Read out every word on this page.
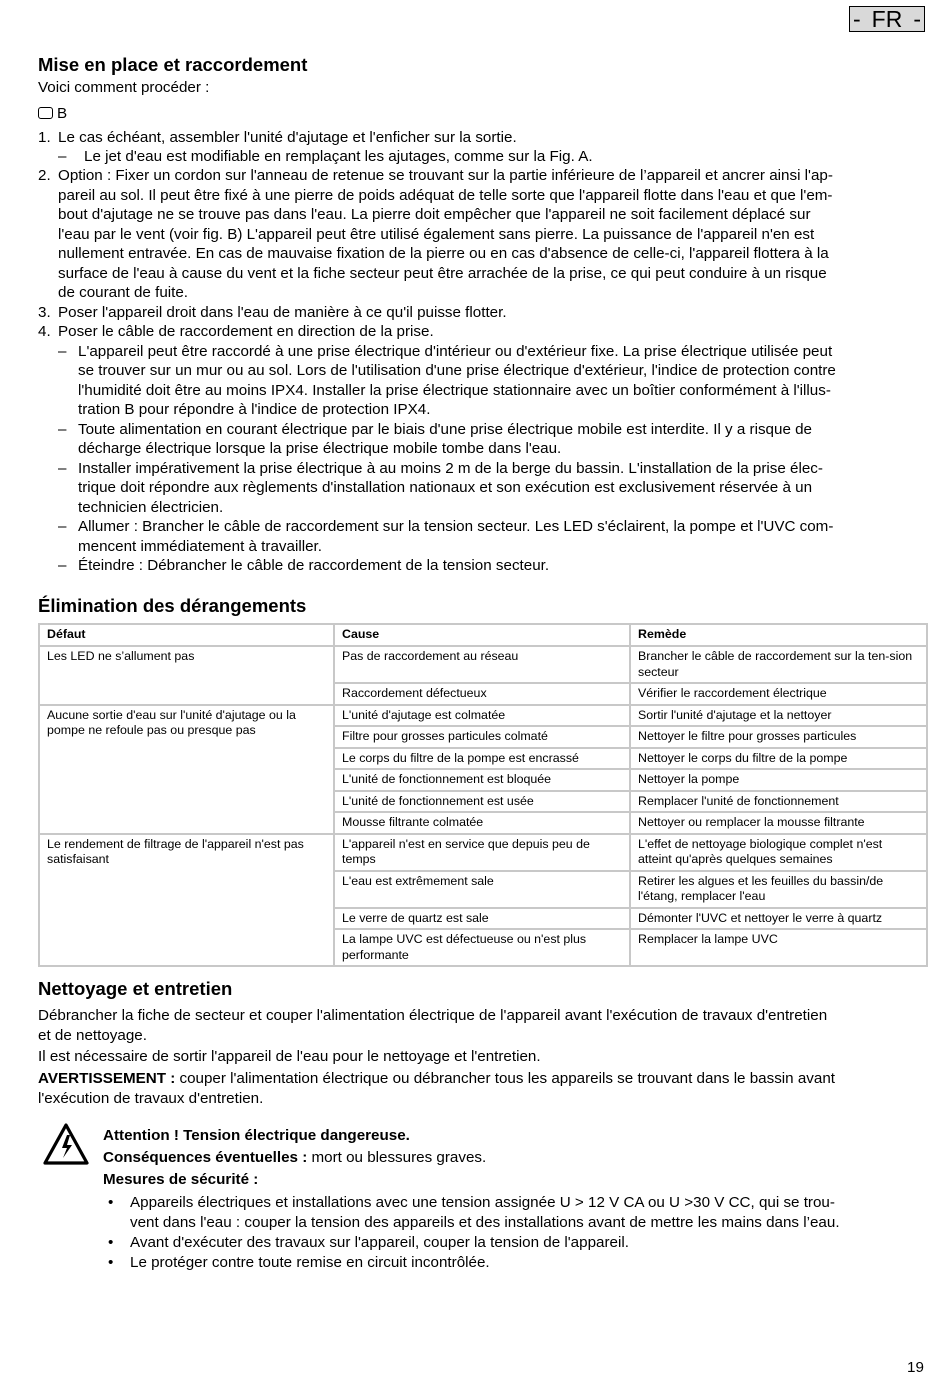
- FR -
Mise en place et raccordement
Voici comment procéder :
B
1. Le cas échéant, assembler l'unité d'ajutage et l'enficher sur la sortie.
– Le jet d'eau est modifiable en remplaçant les ajutages, comme sur la Fig. A.
2. Option : Fixer un cordon sur l'anneau de retenue se trouvant sur la partie inférieure de l’appareil et ancrer ainsi l'ap-
pareil au sol. Il peut être fixé à une pierre de poids adéquat de telle sorte que l'appareil flotte dans l'eau et que l'em-
bout d'ajutage ne se trouve pas dans l'eau. La pierre doit empêcher que l'appareil ne soit facilement déplacé sur
l'eau par le vent (voir fig. B) L'appareil peut être utilisé également sans pierre. La puissance de l'appareil n'en est
nullement entravée. En cas de mauvaise fixation de la pierre ou en cas d'absence de celle-ci, l'appareil flottera à la
surface de l'eau à cause du vent et la fiche secteur peut être arrachée de la prise, ce qui peut conduire à un risque
de courant de fuite.
3. Poser l'appareil droit dans l'eau de manière à ce qu'il puisse flotter.
4. Poser le câble de raccordement en direction de la prise.
– L'appareil peut être raccordé à une prise électrique d'intérieur ou d'extérieur fixe. La prise électrique utilisée peut
se trouver sur un mur ou au sol. Lors de l'utilisation d'une prise électrique d'extérieur, l'indice de protection contre
l'humidité doit être au moins IPX4. Installer la prise électrique stationnaire avec un boîtier conformément à l'illus-
tration B pour répondre à l'indice de protection IPX4.
– Toute alimentation en courant électrique par le biais d'une prise électrique mobile est interdite. Il y a risque de
décharge électrique lorsque la prise électrique mobile tombe dans l'eau.
– Installer impérativement la prise électrique à au moins 2 m de la berge du bassin. L'installation de la prise élec-
trique doit répondre aux règlements d'installation nationaux et son exécution est exclusivement réservée à un
technicien électricien.
– Allumer : Brancher le câble de raccordement sur la tension secteur. Les LED s'éclairent, la pompe et l'UVC com-
mencent immédiatement à travailler.
– Éteindre : Débrancher le câble de raccordement de la tension secteur.
Élimination des dérangements
Défaut	Cause	Remède
Les LED ne s’allument pas	Pas de raccordement au réseau	Brancher le câble de raccordement sur la ten-sion secteur
	Raccordement défectueux	Vérifier le raccordement électrique
Aucune sortie d'eau sur l'unité d'ajutage ou la pompe ne refoule pas ou presque pas	L'unité d'ajutage est colmatée	Sortir l'unité d'ajutage et la nettoyer
	Filtre pour grosses particules colmaté	Nettoyer le filtre pour grosses particules
	Le corps du filtre de la pompe est encrassé	Nettoyer le corps du filtre de la pompe
	L'unité de fonctionnement est bloquée	Nettoyer la pompe
	L'unité de fonctionnement est usée	Remplacer l'unité de fonctionnement
	Mousse filtrante colmatée	Nettoyer ou remplacer la mousse filtrante
Le rendement de filtrage de l'appareil n'est pas satisfaisant	L'appareil n'est en service que depuis peu de temps	L'effet de nettoyage biologique complet n'est atteint qu'après quelques semaines
	L'eau est extrêmement sale	Retirer les algues et les feuilles du bassin/de l'étang, remplacer l'eau
	Le verre de quartz est sale	Démonter l'UVC et nettoyer le verre à quartz
	La lampe UVC est défectueuse ou n'est plus performante	Remplacer la lampe UVC
Nettoyage et entretien
Débrancher la fiche de secteur et couper l'alimentation électrique de l'appareil avant l'exécution de travaux d'entretien
et de nettoyage.
Il est nécessaire de sortir l'appareil de l'eau pour le nettoyage et l'entretien.
AVERTISSEMENT : couper l'alimentation électrique ou débrancher tous les appareils se trouvant dans le bassin avant
l'exécution de travaux d'entretien.
Attention ! Tension électrique dangereuse.
Conséquences éventuelles : mort ou blessures graves.
Mesures de sécurité :
• Appareils électriques et installations avec une tension assignée U > 12 V CA ou U >30 V CC, qui se trou-
vent dans l'eau : couper la tension des appareils et des installations avant de mettre les mains dans l’eau.
• Avant d'exécuter des travaux sur l'appareil, couper la tension de l'appareil.
• Le protéger contre toute remise en circuit incontrôlée.
19
